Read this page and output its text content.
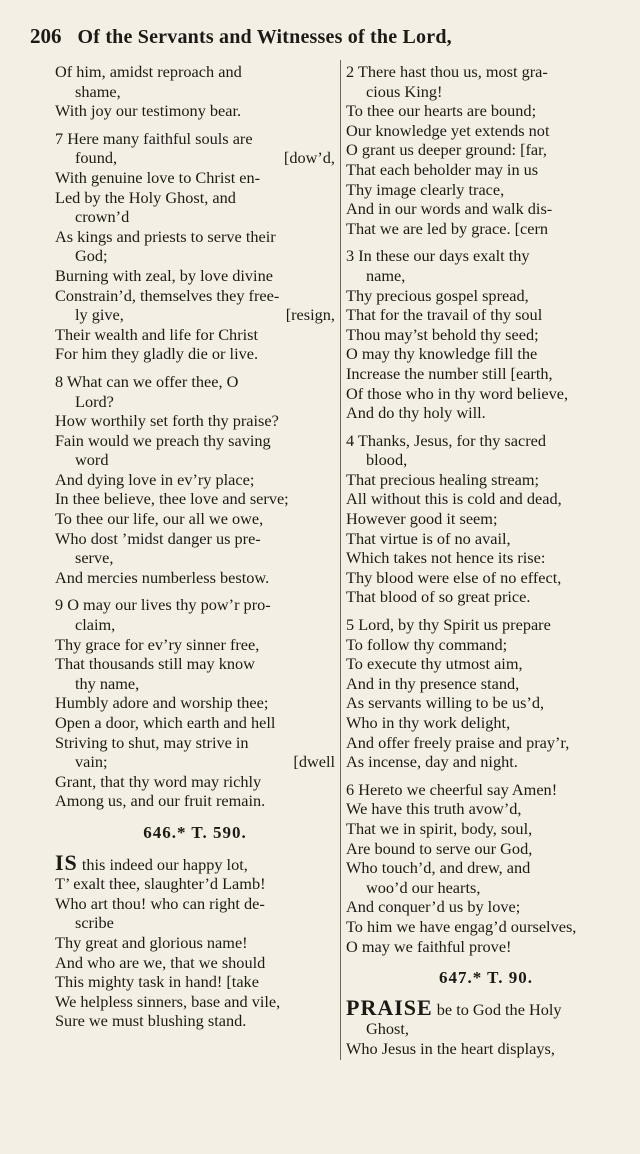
206 Of the Servants and Witnesses of the Lord,
Of him, amidst reproach and
shame,
With joy our testimony bear.
7 Here many faithful souls are
found,	[dow’d,
With genuine love to Christ en-
Led by the Holy Ghost, and
crown’d
As kings and priests to serve their
God;
Burning with zeal, by love divine
Constrain’d, themselves they free-
ly give,	[resign,
Their wealth and life for Christ
For him they gladly die or live.
8 What can we offer thee, O
Lord?
How worthily set forth thy praise?
Fain would we preach thy saving
word
And dying love in ev’ry place;
In thee believe, thee love and serve;
To thee our life, our all we owe,
Who dost ’midst danger us pre-
serve,
And mercies numberless bestow.
9 O may our lives thy pow’r pro-
claim,
Thy grace for ev’ry sinner free,
That thousands still may know
thy name,
Humbly adore and worship thee;
Open a door, which earth and hell
Striving to shut, may strive in
vain;	[dwell
Grant, that thy word may richly
Among us, and our fruit remain.
646.* T. 590.
IS this indeed our happy lot,
T’ exalt thee, slaughter’d Lamb!
Who art thou! who can right de-
scribe
Thy great and glorious name!
And who are we, that we should
This mighty task in hand! [take
We helpless sinners, base and vile,
Sure we must blushing stand.
2 There hast thou us, most gra-
cious King!
To thee our hearts are bound;
Our knowledge yet extends not
O grant us deeper ground: [far,
That each beholder may in us
Thy image clearly trace,
And in our words and walk dis-
That we are led by grace. [cern
3 In these our days exalt thy
name,
Thy precious gospel spread,
That for the travail of thy soul
Thou may’st behold thy seed;
O may thy knowledge fill the
Increase the number still [earth,
Of those who in thy word believe,
And do thy holy will.
4 Thanks, Jesus, for thy sacred
blood,
That precious healing stream;
All without this is cold and dead,
However good it seem;
That virtue is of no avail,
Which takes not hence its rise:
Thy blood were else of no effect,
That blood of so great price.
5 Lord, by thy Spirit us prepare
To follow thy command;
To execute thy utmost aim,
And in thy presence stand,
As servants willing to be us’d,
Who in thy work delight,
And offer freely praise and pray’r,
As incense, day and night.
6 Hereto we cheerful say Amen!
We have this truth avow’d,
That we in spirit, body, soul,
Are bound to serve our God,
Who touch’d, and drew, and
woo’d our hearts,
And conquer’d us by love;
To him we have engag’d ourselves,
O may we faithful prove!
647.* T. 90.
PRAISE be to God the Holy
Ghost,
Who Jesus in the heart displays,
